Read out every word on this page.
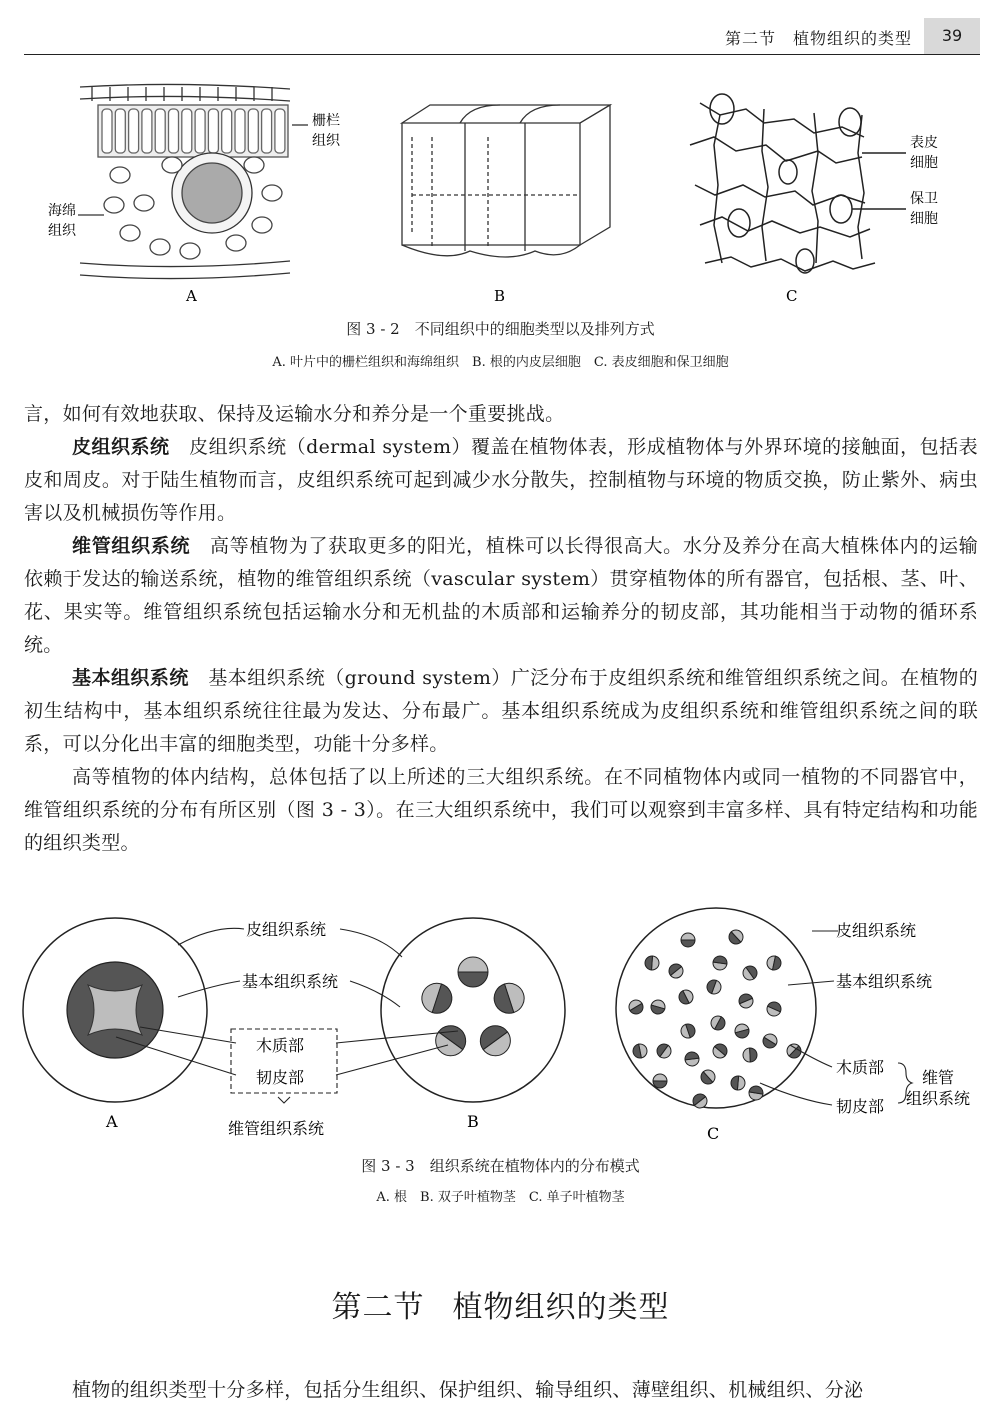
第二节　植物组织的类型	39
栅栏
组织
海绵
组织
A	B
表皮
细胞
保卫
细胞
C
图 3 - 2　不同组织中的细胞类型以及排列方式
A. 叶片中的栅栏组织和海绵组织　B. 根的内皮层细胞　C. 表皮细胞和保卫细胞

言，如何有效地获取、保持及运输水分和养分是一个重要挑战。

皮组织系统　 皮组织系统（dermal system）覆盖在植物体表，形成植物体与外界环境的接触面，包括表皮和周皮。对于陆生植物而言，皮组织系统可起到减少水分散失，控制植物与环境的物质交换，防止紫外、病虫害以及机械损伤等作用。

维管组织系统　 高等植物为了获取更多的阳光，植株可以长得很高大。水分及养分在高大植株体内的运输依赖于发达的输送系统，植物的维管组织系统（vascular system）贯穿植物体的所有器官，包括根、茎、叶、花、果实等。维管组织系统包括运输水分和无机盐的木质部和运输养分的韧皮部，其功能相当于动物的循环系统。

基本组织系统　 基本组织系统（ground system）广泛分布于皮组织系统和维管组织系统之间。在植物的初生结构中，基本组织系统往往最为发达、分布最广。基本组织系统成为皮组织系统和维管组织系统之间的联系，可以分化出丰富的细胞类型，功能十分多样。

高等植物的体内结构，总体包括了以上所述的三大组织系统。在不同植物体内或同一植物的不同器官中，维管组织系统的分布有所区别（图 3 - 3）。在三大组织系统中，我们可以观察到丰富多样、具有特定结构和功能的组织类型。

皮组织系统
基本组织系统
木质部
韧皮部
维管组织系统
皮组织系统
基本组织系统
木质部
韧皮部
维管
组织系统
A	B
C
图 3 - 3　组织系统在植物体内的分布模式
A. 根　B. 双子叶植物茎　C. 单子叶植物茎
第二节 植物组织的类型

植物的组织类型十分多样，包括分生组织、保护组织、输导组织、薄壁组织、机械组织、分泌
